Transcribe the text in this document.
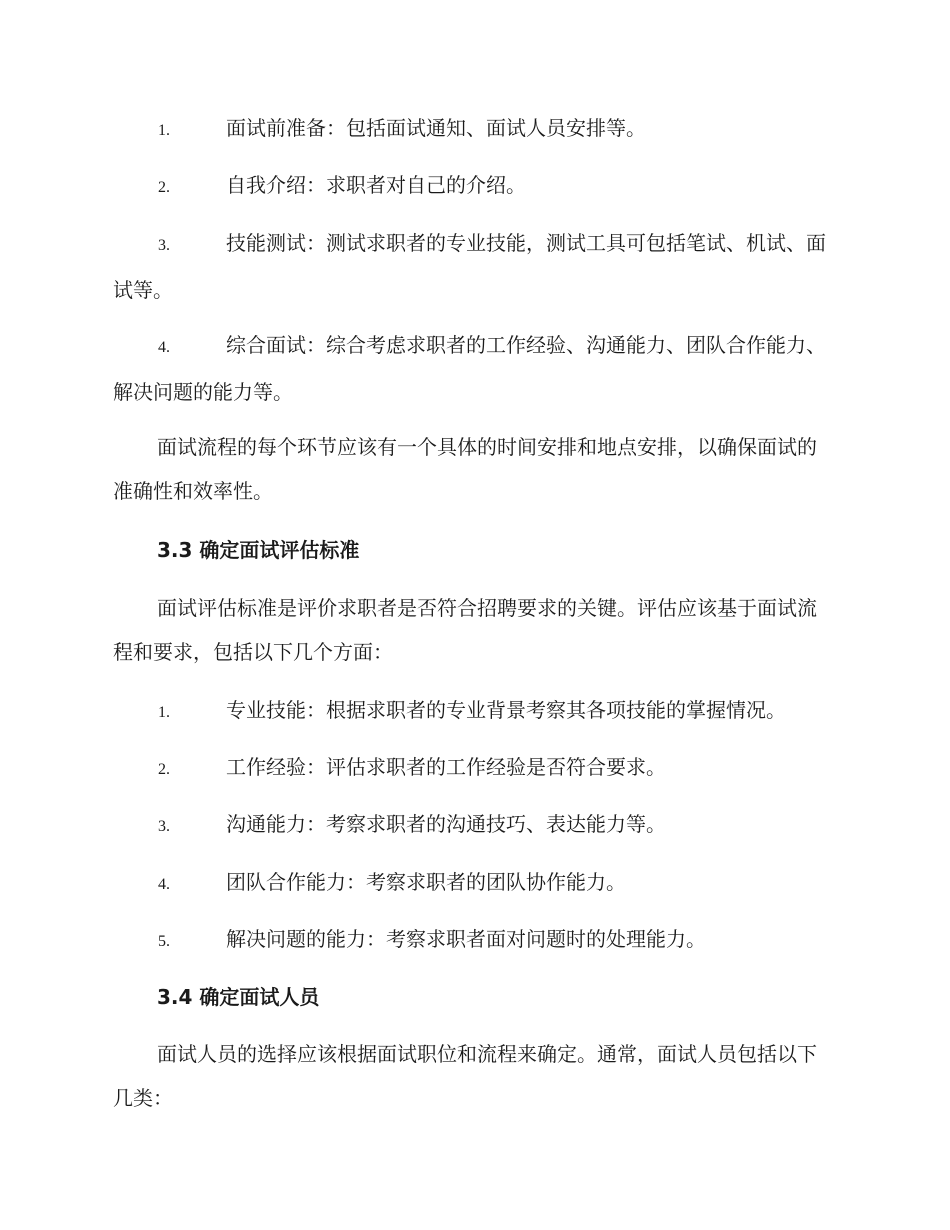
1.	面试前准备：包括面试通知、面试人员安排等。

2.	自我介绍：求职者对自己的介绍。

3.	技能测试：测试求职者的专业技能，测试工具可包括笔试、机试、面试等。

4.	综合面试：综合考虑求职者的工作经验、沟通能力、团队合作能力、解决问题的能力等。

面试流程的每个环节应该有一个具体的时间安排和地点安排，以确保面试的准确性和效率性。

3.3 确定面试评估标准

面试评估标准是评价求职者是否符合招聘要求的关键。评估应该基于面试流程和要求，包括以下几个方面：

1.	专业技能：根据求职者的专业背景考察其各项技能的掌握情况。

2.	工作经验：评估求职者的工作经验是否符合要求。

3.	沟通能力：考察求职者的沟通技巧、表达能力等。

4.	团队合作能力：考察求职者的团队协作能力。

5.	解决问题的能力：考察求职者面对问题时的处理能力。

3.4 确定面试人员

面试人员的选择应该根据面试职位和流程来确定。通常，面试人员包括以下几类：
